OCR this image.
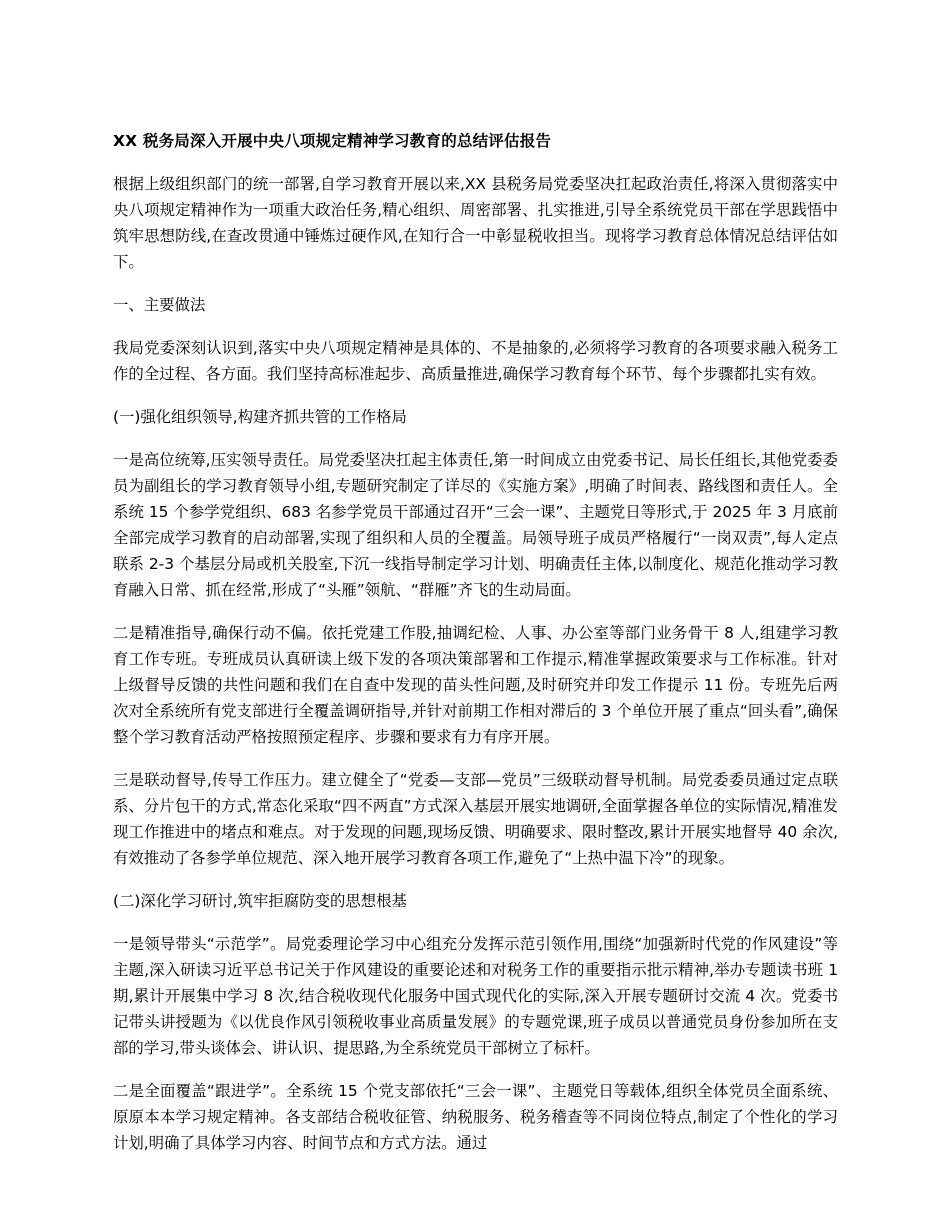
XX 税务局深入开展中央八项规定精神学习教育的总结评估报告

根据上级组织部门的统一部署,自学习教育开展以来,XX 县税务局党委坚决扛起政治责任,将深入贯彻落实中央八项规定精神作为一项重大政治任务,精心组织、周密部署、扎实推进,引导全系统党员干部在学思践悟中筑牢思想防线,在查改贯通中锤炼过硬作风,在知行合一中彰显税收担当。现将学习教育总体情况总结评估如下。

一、主要做法

我局党委深刻认识到,落实中央八项规定精神是具体的、不是抽象的,必须将学习教育的各项要求融入税务工作的全过程、各方面。我们坚持高标准起步、高质量推进,确保学习教育每个环节、每个步骤都扎实有效。

(一)强化组织领导,构建齐抓共管的工作格局

一是高位统筹,压实领导责任。局党委坚决扛起主体责任,第一时间成立由党委书记、局长任组长,其他党委委员为副组长的学习教育领导小组,专题研究制定了详尽的《实施方案》,明确了时间表、路线图和责任人。全系统 15 个参学党组织、683 名参学党员干部通过召开“三会一课”、主题党日等形式,于 2025 年 3 月底前全部完成学习教育的启动部署,实现了组织和人员的全覆盖。局领导班子成员严格履行“一岗双责”,每人定点联系 2-3 个基层分局或机关股室,下沉一线指导制定学习计划、明确责任主体,以制度化、规范化推动学习教育融入日常、抓在经常,形成了“头雁”领航、“群雁”齐飞的生动局面。

二是精准指导,确保行动不偏。依托党建工作股,抽调纪检、人事、办公室等部门业务骨干 8 人,组建学习教育工作专班。专班成员认真研读上级下发的各项决策部署和工作提示,精准掌握政策要求与工作标准。针对上级督导反馈的共性问题和我们在自查中发现的苗头性问题,及时研究并印发工作提示 11 份。专班先后两次对全系统所有党支部进行全覆盖调研指导,并针对前期工作相对滞后的 3 个单位开展了重点“回头看”,确保整个学习教育活动严格按照预定程序、步骤和要求有力有序开展。

三是联动督导,传导工作压力。建立健全了“党委—支部—党员”三级联动督导机制。局党委委员通过定点联系、分片包干的方式,常态化采取“四不两直”方式深入基层开展实地调研,全面掌握各单位的实际情况,精准发现工作推进中的堵点和难点。对于发现的问题,现场反馈、明确要求、限时整改,累计开展实地督导 40 余次,有效推动了各参学单位规范、深入地开展学习教育各项工作,避免了“上热中温下冷”的现象。

(二)深化学习研讨,筑牢拒腐防变的思想根基

一是领导带头“示范学”。局党委理论学习中心组充分发挥示范引领作用,围绕“加强新时代党的作风建设”等主题,深入研读习近平总书记关于作风建设的重要论述和对税务工作的重要指示批示精神,举办专题读书班 1 期,累计开展集中学习 8 次,结合税收现代化服务中国式现代化的实际,深入开展专题研讨交流 4 次。党委书记带头讲授题为《以优良作风引领税收事业高质量发展》的专题党课,班子成员以普通党员身份参加所在支部的学习,带头谈体会、讲认识、提思路,为全系统党员干部树立了标杆。

二是全面覆盖“跟进学”。全系统 15 个党支部依托“三会一课”、主题党日等载体,组织全体党员全面系统、原原本本学习规定精神。各支部结合税收征管、纳税服务、税务稽查等不同岗位特点,制定了个性化的学习计划,明确了具体学习内容、时间节点和方式方法。通过
